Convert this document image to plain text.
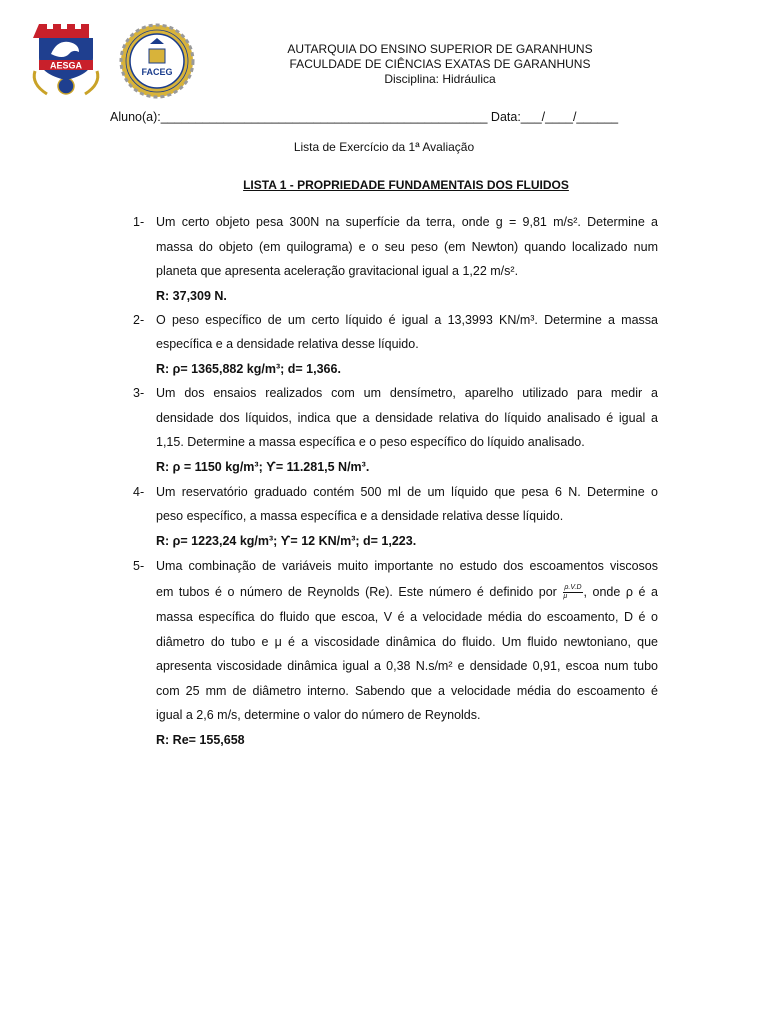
AESGA
FACEG
AUTARQUIA DO ENSINO SUPERIOR DE GARANHUNS
FACULDADE DE CIÊNCIAS EXATAS DE GARANHUNS
Disciplina: Hidráulica
Aluno(a):_______________________________________________ Data:___/____/______
Lista de Exercício da 1ª Avaliação
LISTA 1 - PROPRIEDADE FUNDAMENTAIS DOS FLUIDOS
1- Um certo objeto pesa 300N na superfície da terra, onde g = 9,81 m/s². Determine a
massa do objeto (em quilograma) e o seu peso (em Newton) quando localizado num
planeta que apresenta aceleração gravitacional igual a 1,22 m/s².
R: 37,309 N.
2- O peso específico de um certo líquido é igual a 13,3993 KN/m³. Determine a massa
específica e a densidade relativa desse líquido.
R: ρ= 1365,882 kg/m³; d= 1,366.
3- Um dos ensaios realizados com um densímetro, aparelho utilizado para medir a
densidade dos líquidos, indica que a densidade relativa do líquido analisado é igual a
1,15. Determine a massa específica e o peso específico do líquido analisado.
R: ρ = 1150 kg/m³; ϒ= 11.281,5 N/m³.
4- Um reservatório graduado contém 500 ml de um líquido que pesa 6 N. Determine o
peso específico, a massa específica e a densidade relativa desse líquido.
R: ρ= 1223,24 kg/m³; ϒ= 12 KN/m³; d= 1,223.
5- Uma combinação de variáveis muito importante no estudo dos escoamentos viscosos
em tubos é o número de Reynolds (Re). Este número é definido por $\frac{\rho.V.D}{\mu}$ , onde ρ é a
massa específica do fluido que escoa, V é a velocidade média do escoamento, D é o
diâmetro do tubo e μ é a viscosidade dinâmica do fluido. Um fluido newtoniano, que
apresenta viscosidade dinâmica igual a 0,38 N.s/m² e densidade 0,91, escoa num tubo
com 25 mm de diâmetro interno. Sabendo que a velocidade média do escoamento é
igual a 2,6 m/s, determine o valor do número de Reynolds.
R: Re= 155,658
